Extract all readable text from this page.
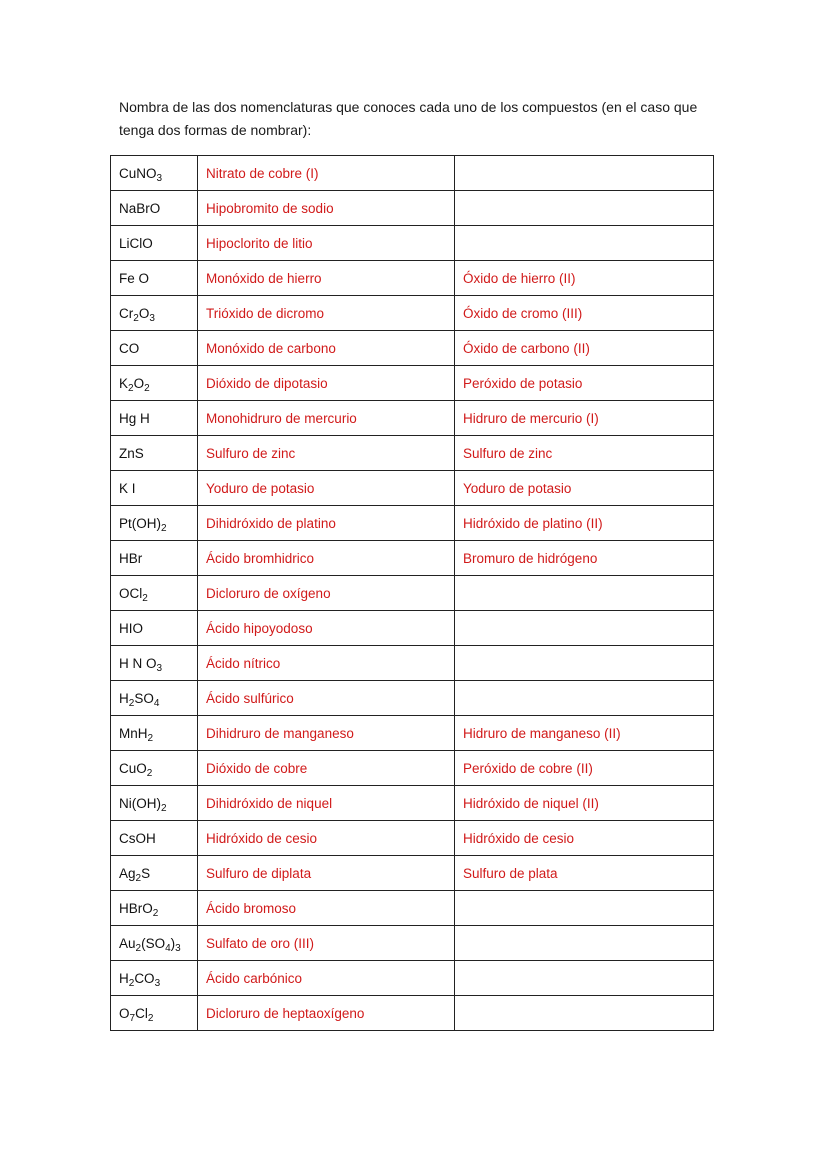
Nombra de las dos nomenclaturas que conoces cada uno de los compuestos (en el caso que
tenga dos formas de nombrar):

CuNO$_3$	Nitrato de cobre (I)	
NaBrO	Hipobromito de sodio	
LiClO	Hipoclorito de litio	
Fe O	Monóxido de hierro	Óxido de hierro (II)
$Cr_2O_3$	Trióxido de dicromo	Óxido de cromo (III)
CO	Monóxido de carbono	Óxido de carbono (II)
$K_2O_2$	Dióxido de dipotasio	Peróxido de potasio
Hg H	Monohidruro de mercurio	Hidruro de mercurio (I)
ZnS	Sulfuro de zinc	Sulfuro de zinc
K I	Yoduro de potasio	Yoduro de potasio
$Pt(OH)_2$	Dihidróxido de platino	Hidróxido de platino (II)
HBr	Ácido bromhidrico	Bromuro de hidrógeno
OCl$_2$	Dicloruro de oxígeno	
HIO	Ácido hipoyodoso	
H N $O_3$	Ácido nítrico	
$H_2SO_4$	Ácido sulfúrico	
MnH$_2$	Dihidruro de manganeso	Hidruro de manganeso (II)
CuO$_2$	Dióxido de cobre	Peróxido de cobre (II)
$Ni(OH)_2$	Dihidróxido de niquel	Hidróxido de niquel (II)
CsOH	Hidróxido de cesio	Hidróxido de cesio
$Ag_2S$	Sulfuro de diplata	Sulfuro de plata
HBrO$_2$	Ácido bromoso	
$Au_2(SO_4)_3$	Sulfato de oro (III)	
$H_2CO_3$	Ácido carbónico	
$O_7Cl_2$	Dicloruro de heptaoxígeno	
